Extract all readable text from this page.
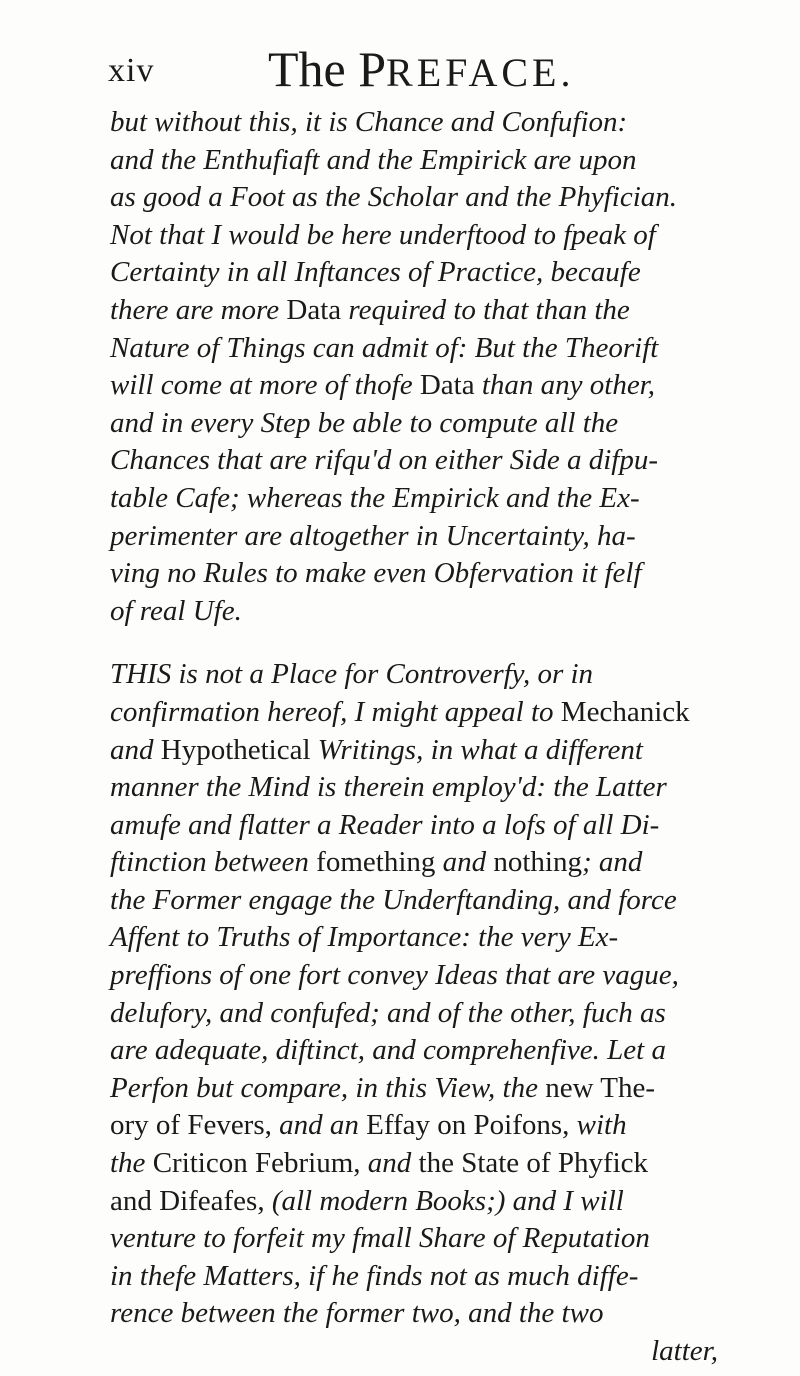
xiv The PREFACE.
but without this, it is Chance and Confufion:
and the Enthufiaft and the Empirick are upon
as good a Foot as the Scholar and the Phyfician.
Not that I would be here underftood to fpeak of
Certainty in all Inftances of Practice, becaufe
there are more Data required to that than the
Nature of Things can admit of: But the Theorift
will come at more of thofe Data than any other,
and in every Step be able to compute all the
Chances that are rifqu'd on either Side a difpu-
table Cafe; whereas the Empirick and the Ex-
perimenter are altogether in Uncertainty, ha-
ving no Rules to make even Obfervation it felf
of real Ufe.
THIS is not a Place for Controverfy, or in
confirmation hereof, I might appeal to Mechanick
and Hypothetical Writings, in what a different
manner the Mind is therein employ'd: the Latter
amufe and flatter a Reader into a lofs of all Di-
ftinction between fomething and nothing; and
the Former engage the Underftanding, and force
Affent to Truths of Importance: the very Ex-
preffions of one fort convey Ideas that are vague,
delufory, and confufed; and of the other, fuch as
are adequate, diftinct, and comprehenfive. Let a
Perfon but compare, in this View, the new The-
ory of Fevers, and an Effay on Poifons, with
the Criticon Febrium, and the State of Phyfick
and Difeafes, (all modern Books;) and I will
venture to forfeit my fmall Share of Reputation
in thefe Matters, if he finds not as much diffe-
rence between the former two, and the two
latter,
